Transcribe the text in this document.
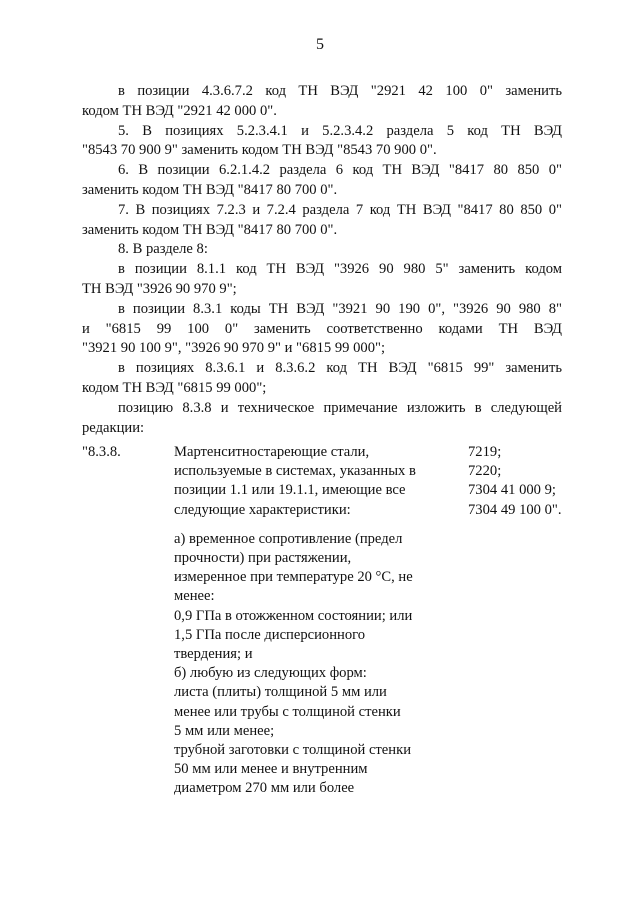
5
в позиции 4.3.6.7.2 код ТН ВЭД "2921 42 100 0" заменить
кодом ТН ВЭД "2921 42 000 0".
5. В позициях 5.2.3.4.1 и 5.2.3.4.2 раздела 5 код ТН ВЭД
"8543 70 900 9" заменить кодом ТН ВЭД "8543 70 900 0".
6. В позиции 6.2.1.4.2 раздела 6 код ТН ВЭД "8417 80 850 0"
заменить кодом ТН ВЭД "8417 80 700 0".
7. В позициях 7.2.3 и 7.2.4 раздела 7 код ТН ВЭД "8417 80 850 0"
заменить кодом ТН ВЭД "8417 80 700 0".
8. В разделе 8:
в позиции 8.1.1 код ТН ВЭД "3926 90 980 5" заменить кодом
ТН ВЭД "3926 90 970 9";
в позиции 8.3.1 коды ТН ВЭД "3921 90 190 0", "3926 90 980 8"
и "6815 99 100 0" заменить соответственно кодами ТН ВЭД
"3921 90 100 9", "3926 90 970 9" и "6815 99 000";
в позициях 8.3.6.1 и 8.3.6.2 код ТН ВЭД "6815 99" заменить
кодом ТН ВЭД "6815 99 000";
позицию 8.3.8 и техническое примечание изложить в следующей
редакции:
"8.3.8.	Мартенситностареющие стали,
используемые в системах, указанных в
позиции 1.1 или 19.1.1, имеющие все
следующие характеристики:
а) временное сопротивление (предел
прочности) при растяжении,
измеренное при температуре 20 °С, не
менее:
0,9 ГПа в отожженном состоянии; или
1,5 ГПа после дисперсионного
твердения; и
б) любую из следующих форм:
листа (плиты) толщиной 5 мм или
менее или трубы с толщиной стенки
5 мм или менее;
трубной заготовки с толщиной стенки
50 мм или менее и внутренним
диаметром 270 мм или более
7219;
7220;
7304 41 000 9;
7304 49 100 0".
